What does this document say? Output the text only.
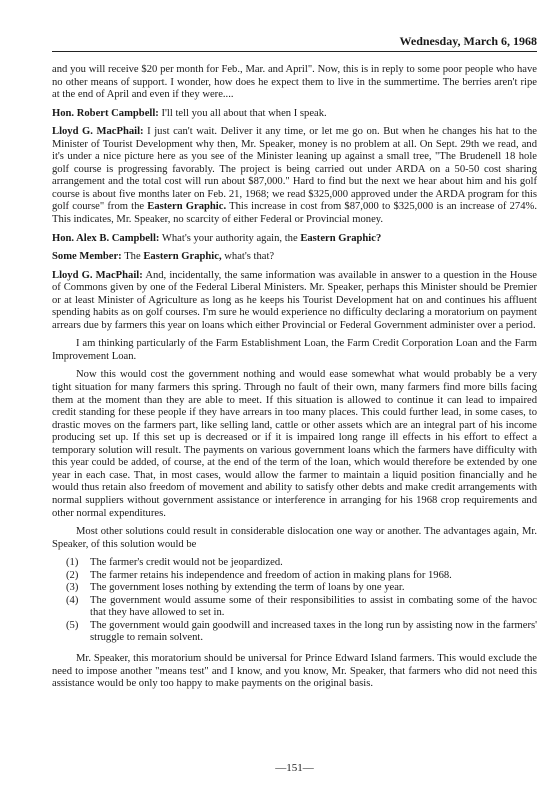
Wednesday, March 6, 1968

and you will receive $20 per month for Feb., Mar. and April". Now, this is in reply to some poor people who have no other means of support. I wonder, how does he expect them to live in the summertime. The berries aren't ripe at the end of April and even if they were....

Hon. Robert Campbell: I'll tell you all about that when I speak.

Lloyd G. MacPhail: I just can't wait. Deliver it any time, or let me go on. But when he changes his hat to the Minister of Tourist Development why then, Mr. Speaker, money is no problem at all. On Sept. 29th we read, and it's under a nice picture here as you see of the Minister leaning up against a small tree, "The Brudenell 18 hole golf course is progressing favorably. The project is being carried out under ARDA on a 50-50 cost sharing arrangement and the total cost will run about $87,000." Hard to find but the next we hear about him and his golf course is about five months later on Feb. 21, 1968; we read $325,000 approved under the ARDA program for this golf course" from the Eastern Graphic. This increase in cost from $87,000 to $325,000 is an increase of 274%. This indicates, Mr. Speaker, no scarcity of either Federal or Provincial money.

Hon. Alex B. Campbell: What's your authority again, the Eastern Graphic?

Some Member: The Eastern Graphic, what's that?

Lloyd G. MacPhail: And, incidentally, the same information was available in answer to a question in the House of Commons given by one of the Federal Liberal Ministers. Mr. Speaker, perhaps this Minister should be Premier or at least Minister of Agriculture as long as he keeps his Tourist Development hat on and continues his affluent spending habits as on golf courses. I'm sure he would experience no difficulty declaring a moratorium on payment arrears due by farmers this year on loans which either Provincial or Federal Government administer over a period.

I am thinking particularly of the Farm Establishment Loan, the Farm Credit Corporation Loan and the Farm Improvement Loan.

Now this would cost the government nothing and would ease somewhat what would probably be a very tight situation for many farmers this spring. Through no fault of their own, many farmers find more bills facing them at the moment than they are able to meet. If this situation is allowed to continue it can lead to impaired credit standing for these people if they have arrears in too many places. This could further lead, in some cases, to drastic moves on the farmers part, like selling land, cattle or other assets which are an integral part of his income producing set up. If this set up is decreased or if it is impaired long range ill effects in his effort to effect a temporary solution will result. The payments on various government loans which the farmers have difficulty with this year could be added, of course, at the end of the term of the loan, which would therefore be extended by one year in each case. That, in most cases, would allow the farmer to maintain a liquid position financially and he would thus retain also freedom of movement and ability to satisfy other debts and make credit arrangements with normal suppliers without government assistance or interference in arranging for his 1968 crop requirements and other normal expenditures.

Most other solutions could result in considerable dislocation one way or another. The advantages again, Mr. Speaker, of this solution would be

(1) The farmer's credit would not be jeopardized.
(2) The farmer retains his independence and freedom of action in making plans for 1968.
(3) The government loses nothing by extending the term of loans by one year.
(4) The government would assume some of their responsibilities to assist in combating some of the havoc that they have allowed to set in.
(5) The government would gain goodwill and increased taxes in the long run by assisting now in the farmers' struggle to remain solvent.

Mr. Speaker, this moratorium should be universal for Prince Edward Island farmers. This would exclude the need to impose another "means test" and I know, and you know, Mr. Speaker, that farmers who did not need this assistance would be only too happy to make payments on the original basis.

—151—
